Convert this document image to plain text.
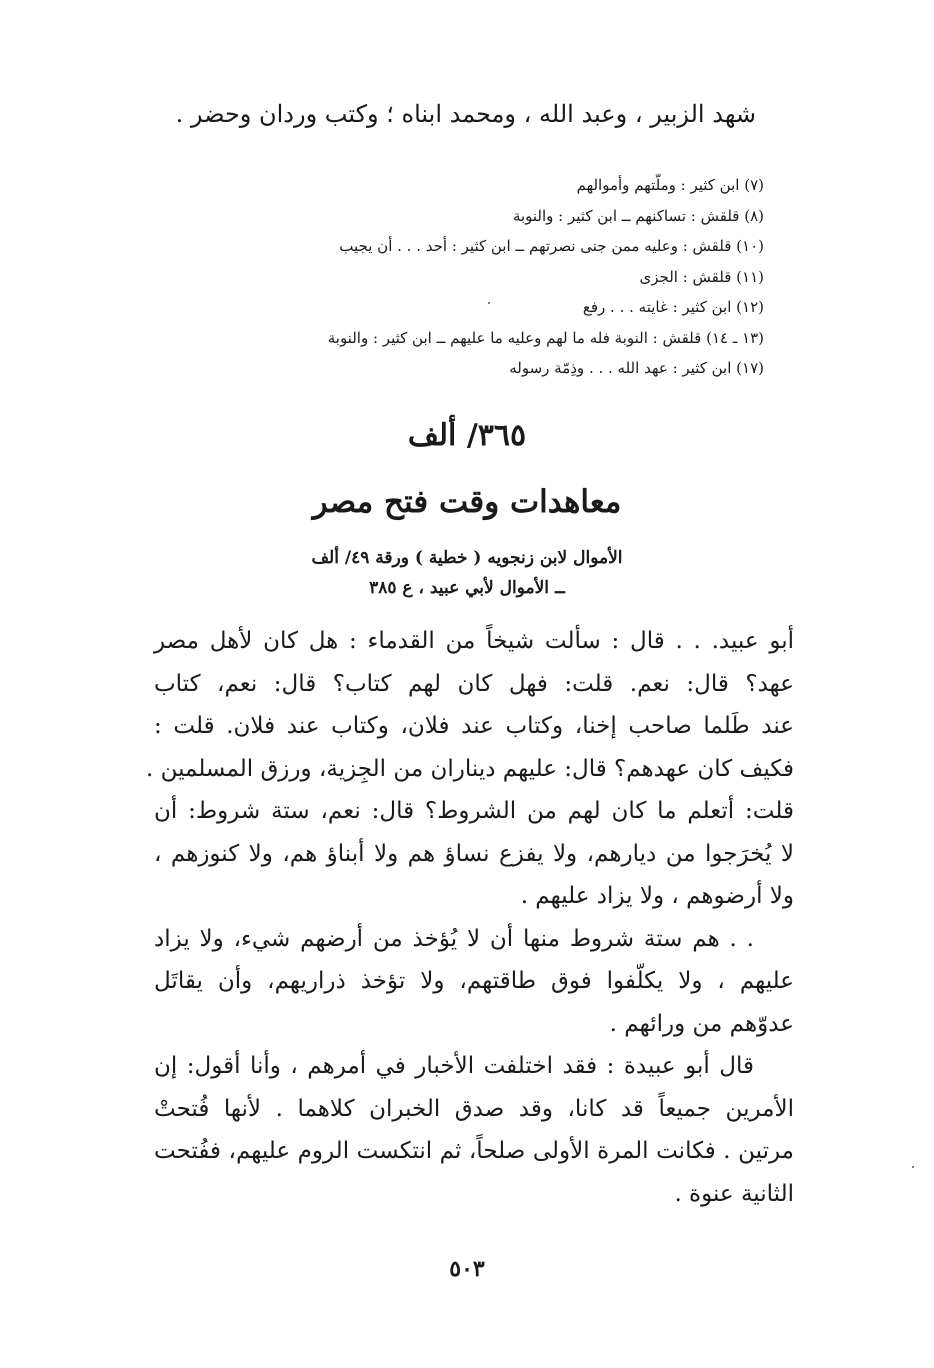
شهد الزبير ، وعبد الله ، ومحمد ابناه ؛ وكتب وردان وحضر .

(٧) ابن كثير : وملّتهم وأموالهم
(٨) قلقش : تساكنهم ــ ابن كثير : والنوبة
(١٠) قلقش : وعليه ممن جنى نصرتهم ــ ابن كثير : أحد . . . أن يجيب
(١١) قلقش : الجزى
(١٢) ابن كثير : غايته . . . رفع
(١٣ ـ ١٤) قلقش : النوبة فله ما لهم وعليه ما عليهم ــ ابن كثير : والنوبة
(١٧) ابن كثير : عهد الله . . . وذِمّة رسوله
٣٦٥/ ألف
معاهدات وقت فتح مصر
الأموال لابن زنجويه ( خطية ) ورقة ٤٩/ ألف
ــ الأموال لأبي عبيد ، ع ٣٨٥
أبو عبيد. . . قال : سألت شيخاً من القدماء : هل كان لأهل مصر
عهد؟ قال: نعم. قلت: فهل كان لهم كتاب؟ قال: نعم، كتاب
عند طَلما صاحب إخنا، وكتاب عند فلان، وكتاب عند فلان. قلت :
فكيف كان عهدهم؟ قال: عليهم ديناران من الجِزية، ورزق المسلمين .
قلت: أتعلم ما كان لهم من الشروط؟ قال: نعم، ستة شروط: أن
لا يُخرَجوا من ديارهم، ولا يفزع نساؤ هم ولا أبناؤ هم، ولا كنوزهم ،
ولا أرضوهم ، ولا يزاد عليهم .
. . هم ستة شروط منها أن لا يُؤخذ من أرضهم شيء، ولا يزاد
عليهم ، ولا يكلّفوا فوق طاقتهم، ولا تؤخذ ذراريهم، وأن يقاتَل
عدوّهم من ورائهم .
قال أبو عبيدة : فقد اختلفت الأخبار في أمرهم ، وأنا أقول: إن
الأمرين جميعاً قد كانا، وقد صدق الخبران كلاهما . لأنها فُتحتْ
مرتين . فكانت المرة الأولى صلحاً، ثم انتكست الروم عليهم، ففُتحت
الثانية عنوة .
٥٠٣
